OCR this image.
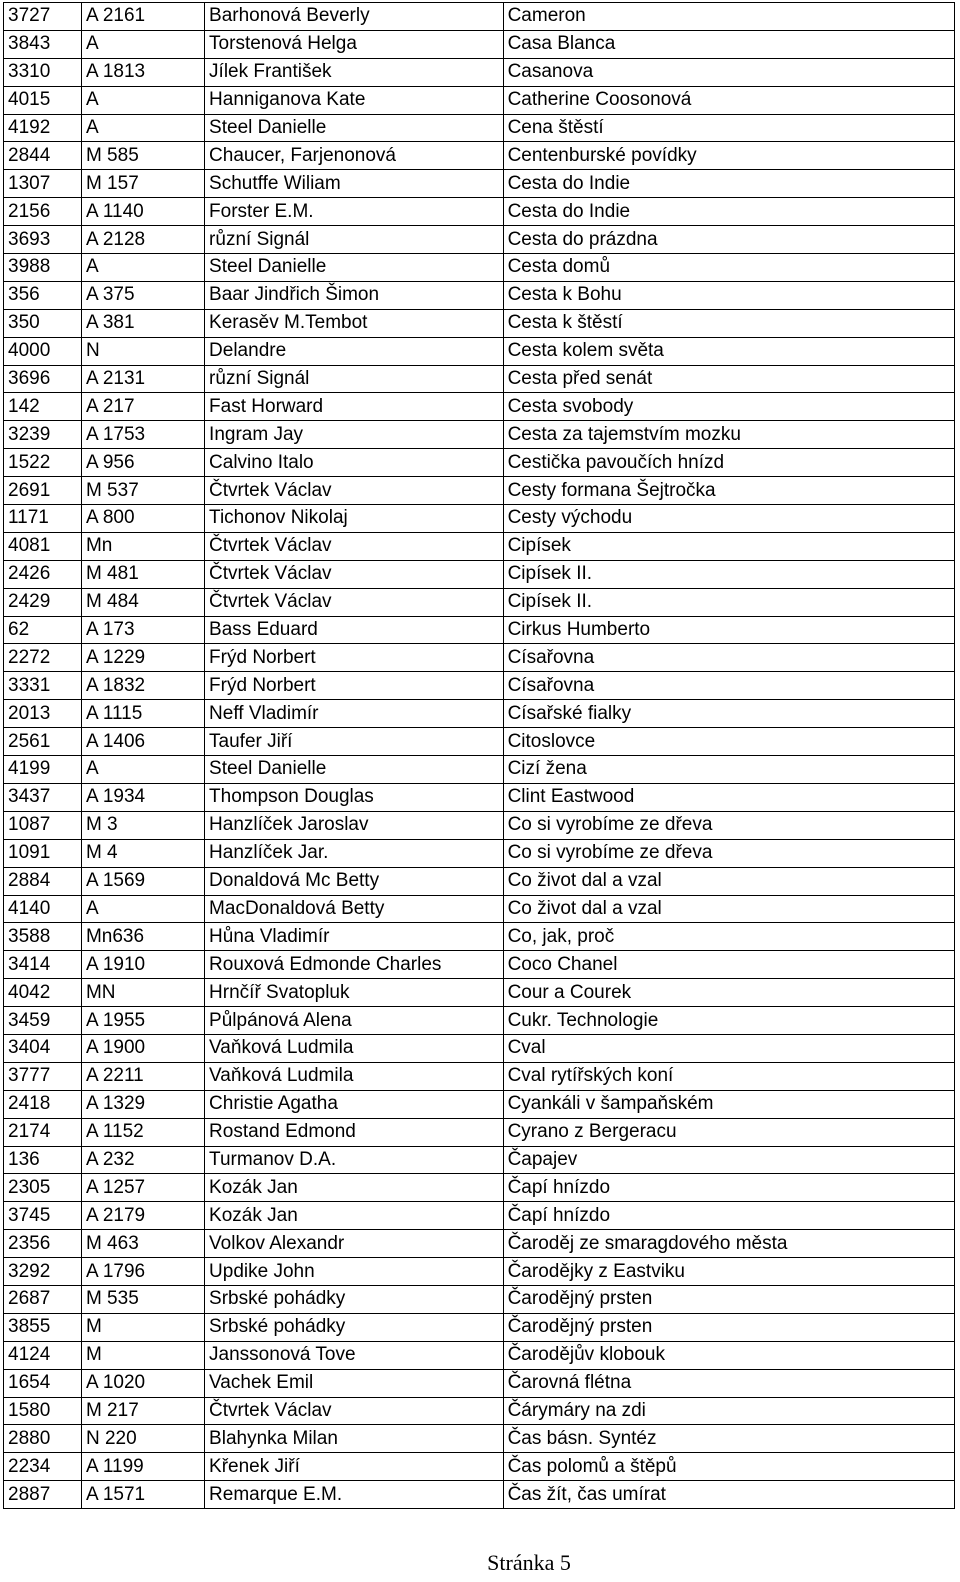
3727	A 2161	Barhonová Beverly	Cameron
3843	A	Torstenová Helga	Casa Blanca
3310	A 1813	Jílek František	Casanova
4015	A	Hanniganova Kate	Catherine Coosonová
4192	A	Steel Danielle	Cena štěstí
2844	M 585	Chaucer, Farjenonová	Centenburské povídky
1307	M 157	Schutffe Wiliam	Cesta do Indie
2156	A 1140	Forster E.M.	Cesta do Indie
3693	A 2128	různí Signál	Cesta do prázdna
3988	A	Steel Danielle	Cesta domů
356	A 375	Baar Jindřich Šimon	Cesta k Bohu
350	A 381	Kerasěv M.Tembot	Cesta k štěstí
4000	N	Delandre	Cesta kolem světa
3696	A 2131	různí Signál	Cesta před senát
142	A 217	Fast Horward	Cesta svobody
3239	A 1753	Ingram Jay	Cesta za tajemstvím mozku
1522	A 956	Calvino Italo	Cestička pavoučích hnízd
2691	M 537	Čtvrtek Václav	Cesty formana Šejtročka
1171	A 800	Tichonov Nikolaj	Cesty východu
4081	Mn	Čtvrtek Václav	Cipísek
2426	M 481	Čtvrtek Václav	Cipísek II.
2429	M 484	Čtvrtek Václav	Cipísek II.
62	A 173	Bass Eduard	Cirkus Humberto
2272	A 1229	Frýd Norbert	Císařovna
3331	A 1832	Frýd Norbert	Císařovna
2013	A 1115	Neff Vladimír	Císařské fialky
2561	A 1406	Taufer Jiří	Citoslovce
4199	A	Steel Danielle	Cizí žena
3437	A 1934	Thompson Douglas	Clint Eastwood
1087	M 3	Hanzlíček Jaroslav	Co si vyrobíme ze dřeva
1091	M 4	Hanzlíček Jar.	Co si vyrobíme ze dřeva
2884	A 1569	Donaldová Mc Betty	Co život dal a vzal
4140	A	MacDonaldová Betty	Co život dal a vzal
3588	Mn636	Hůna Vladimír	Co, jak, proč
3414	A 1910	Rouxová Edmonde Charles	Coco Chanel
4042	MN	Hrnčíř Svatopluk	Cour a Courek
3459	A 1955	Půlpánová Alena	Cukr. Technologie
3404	A 1900	Vaňková Ludmila	Cval
3777	A 2211	Vaňková Ludmila	Cval rytířských koní
2418	A 1329	Christie Agatha	Cyankáli v šampaňském
2174	A 1152	Rostand Edmond	Cyrano z Bergeracu
136	A 232	Turmanov D.A.	Čapajev
2305	A 1257	Kozák Jan	Čapí hnízdo
3745	A 2179	Kozák Jan	Čapí hnízdo
2356	M 463	Volkov Alexandr	Čaroděj ze smaragdového města
3292	A 1796	Updike John	Čarodějky z Eastviku
2687	M 535	Srbské pohádky	Čarodějný prsten
3855	M	Srbské pohádky	Čarodějný prsten
4124	M	Janssonová Tove	Čarodějův klobouk
1654	A 1020	Vachek Emil	Čarovná flétna
1580	M 217	Čtvrtek Václav	Čárymáry na zdi
2880	N 220	Blahynka Milan	Čas básn. Syntéz
2234	A 1199	Křenek Jiří	Čas polomů a štěpů
2887	A 1571	Remarque E.M.	Čas žít, čas umírat
Stránka 5
